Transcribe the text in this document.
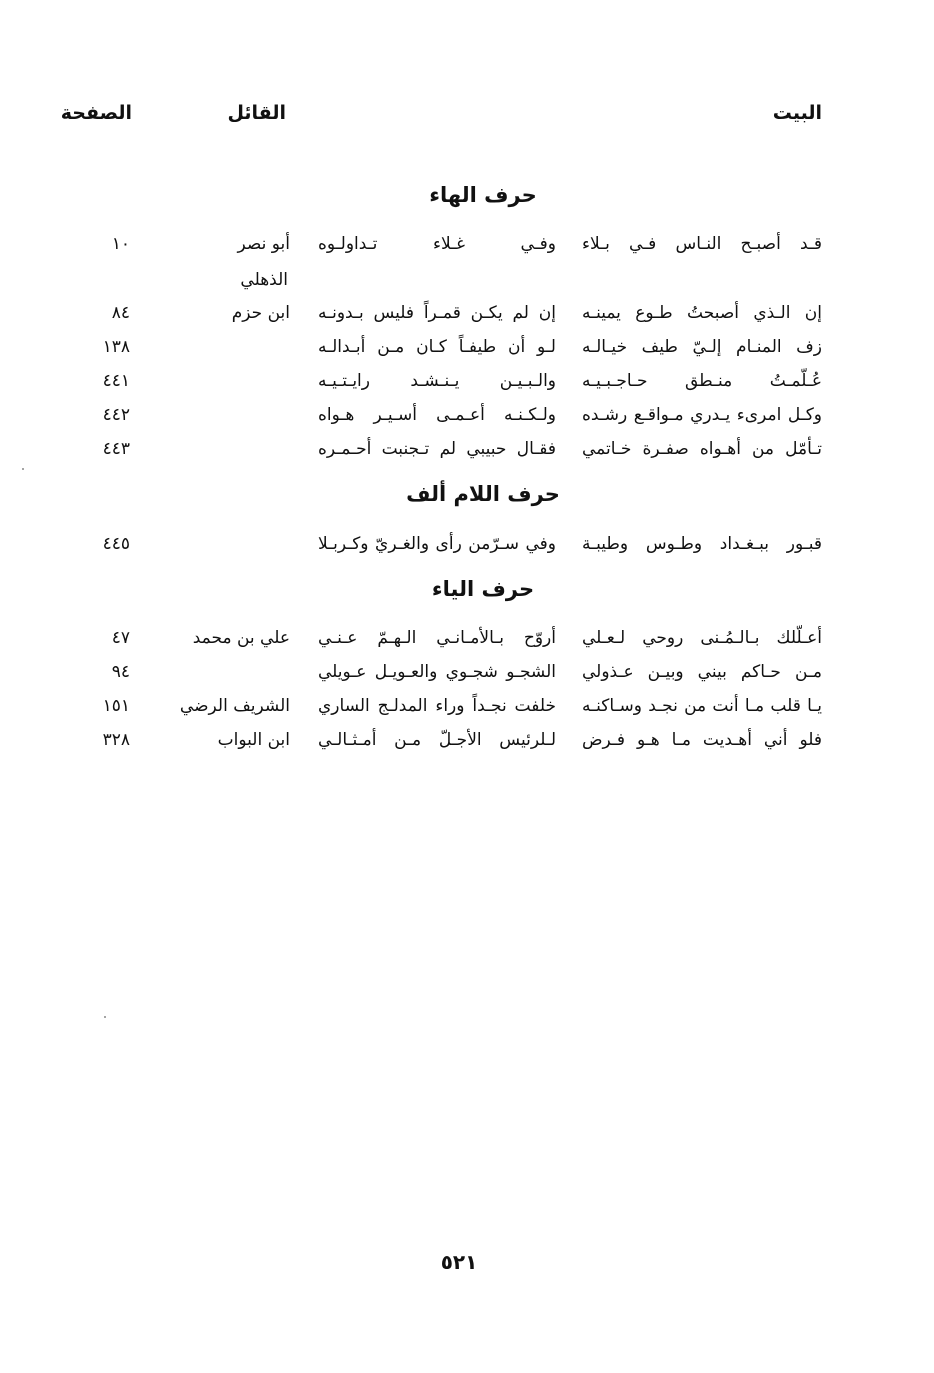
البيت
القائل
الصفحة
حرف الهاء
قـد أصبـح النـاس فـي بـلاء
وفـي غـلاء تـداولـوه
أبو نصر
١٠
الذهلي
إن الـذي أصبحتُ طـوع يمينـه
إن لم يكـن قمـراً فليس بـدونـه
ابن حزم
٨٤
زف المنـام إلـيّ طيف خيـالـه
لـو أن طيفـاً كـان مـن أبـدالـه
١٣٨
عُـلّمـتُ منـطق حـاجـبـيـه
والـبـيـن يـنـشـد رايـتـيـه
٤٤١
وكـل امرىء يـدري مـواقـع رشـده
ولـكـنـه أعـمـى أسـيـر هـواه
٤٤٢
تـأمّل من أهـواه صفـرة خـاتمي
فقـال حبيبي لم تـجنبت أحـمـره
٤٤٣
حرف اللام ألف
قبـور ببـغـداد وطـوس وطيبـة
وفي سـرّمن رأى والغـريّ وكـربـلا
٤٤٥
حرف الياء
أعـلّلك بـالـمُـنى روحي لـعـلي
أروّح بـالأمـانـي الـهـمّ عـنـي
علي بن محمد
٤٧
مـن حـاكم بيني وبيـن عـذولي
الشجـو شجـوي والعـويـل عـويلي
٩٤
يـا قلب مـا أنت من نجـد وسـاكنـه
خلفت نجـداً وراء المدلـج الساري
الشريف الرضي
١٥١
فلو أني أهـديت مـا هـو فـرض
لـلرئيس الأجـلّ مـن أمـثـالـي
ابن البواب
٣٢٨
٥٢١
